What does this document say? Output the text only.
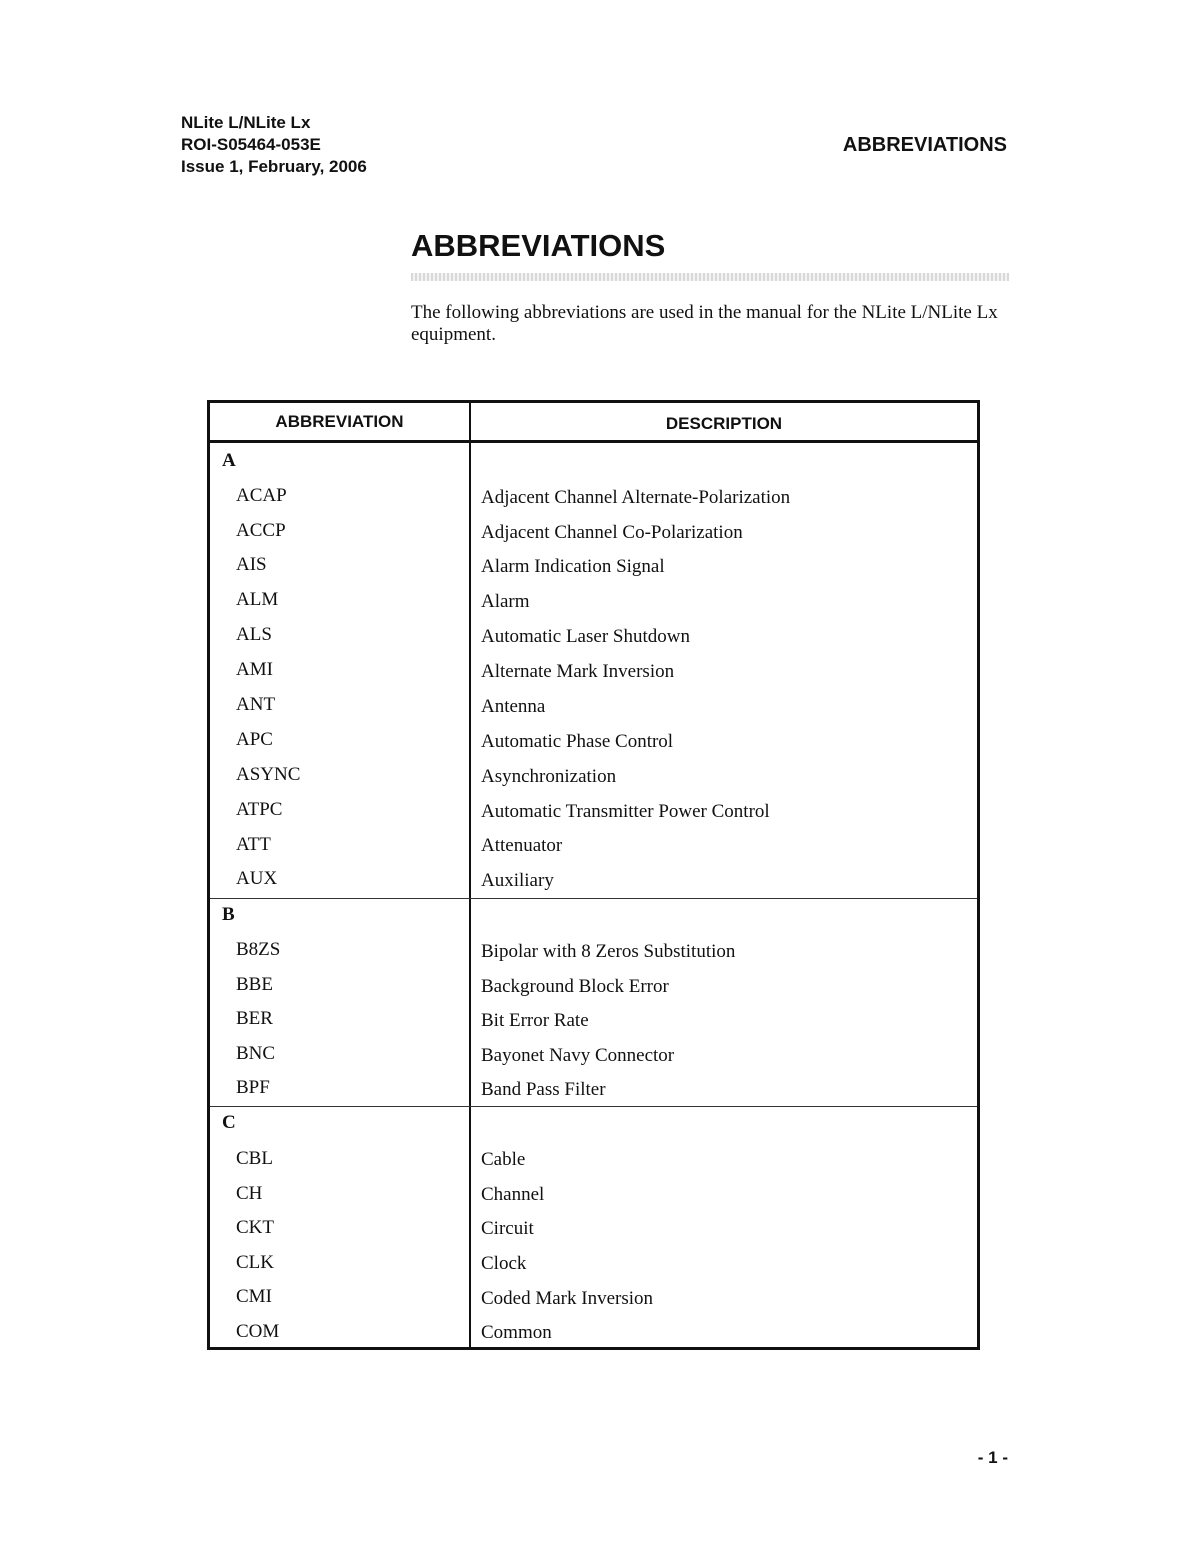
NLite L/NLite Lx
ROI-S05464-053E
Issue 1, February, 2006
ABBREVIATIONS
ABBREVIATIONS
The following abbreviations are used in the manual for the NLite L/NLite Lx equipment.
ABBREVIATION	DESCRIPTION
A
ACAP	Adjacent Channel Alternate-Polarization
ACCP	Adjacent Channel Co-Polarization
AIS	Alarm Indication Signal
ALM	Alarm
ALS	Automatic Laser Shutdown
AMI	Alternate Mark Inversion
ANT	Antenna
APC	Automatic Phase Control
ASYNC	Asynchronization
ATPC	Automatic Transmitter Power Control
ATT	Attenuator
AUX	Auxiliary
B
B8ZS	Bipolar with 8 Zeros Substitution
BBE	Background Block Error
BER	Bit Error Rate
BNC	Bayonet Navy Connector
BPF	Band Pass Filter
C
CBL	Cable
CH	Channel
CKT	Circuit
CLK	Clock
CMI	Coded Mark Inversion
COM	Common
- 1 -
